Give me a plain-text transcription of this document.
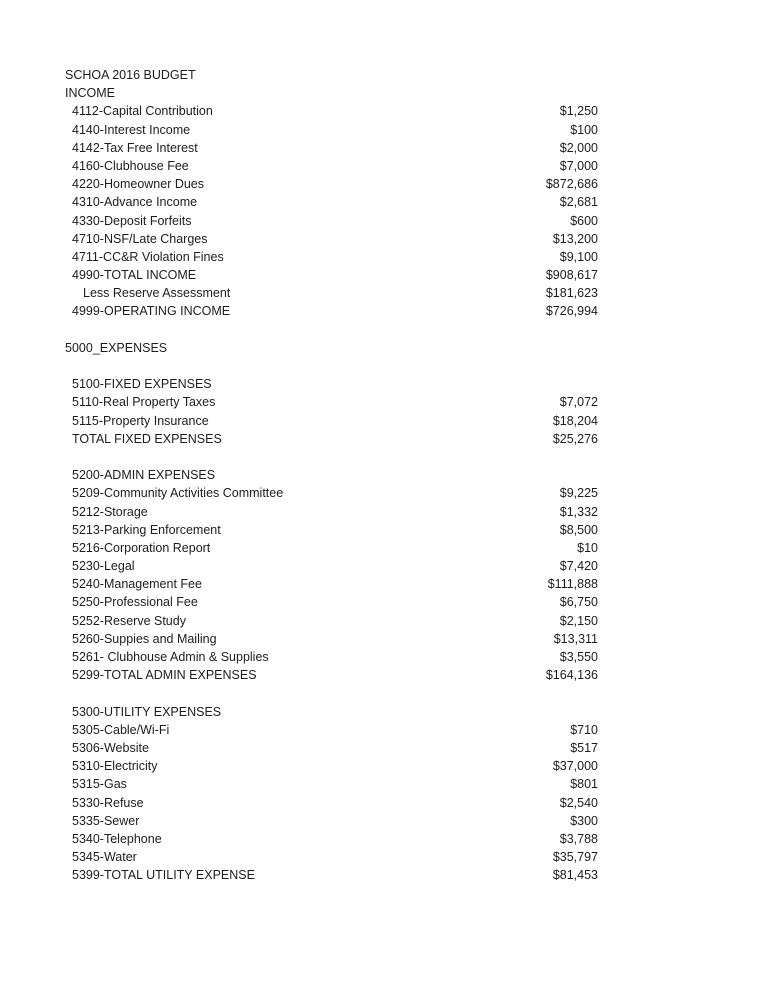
SCHOA 2016 BUDGET
INCOME
4112-Capital Contribution	$1,250
4140-Interest Income	$100
4142-Tax Free Interest	$2,000
4160-Clubhouse Fee	$7,000
4220-Homeowner Dues	$872,686
4310-Advance Income	$2,681
4330-Deposit Forfeits	$600
4710-NSF/Late Charges	$13,200
4711-CC&R Violation Fines	$9,100
4990-TOTAL INCOME	$908,617
Less Reserve Assessment	$181,623
4999-OPERATING INCOME	$726,994
5000_EXPENSES
5100-FIXED EXPENSES
5110-Real Property Taxes	$7,072
5115-Property Insurance	$18,204
TOTAL FIXED EXPENSES	$25,276
5200-ADMIN EXPENSES
5209-Community Activities Committee	$9,225
5212-Storage	$1,332
5213-Parking Enforcement	$8,500
5216-Corporation Report	$10
5230-Legal	$7,420
5240-Management Fee	$111,888
5250-Professional Fee	$6,750
5252-Reserve Study	$2,150
5260-Suppies and Mailing	$13,311
5261- Clubhouse Admin & Supplies	$3,550
5299-TOTAL ADMIN EXPENSES	$164,136
5300-UTILITY EXPENSES
5305-Cable/Wi-Fi	$710
5306-Website	$517
5310-Electricity	$37,000
5315-Gas	$801
5330-Refuse	$2,540
5335-Sewer	$300
5340-Telephone	$3,788
5345-Water	$35,797
5399-TOTAL UTILITY EXPENSE	$81,453
